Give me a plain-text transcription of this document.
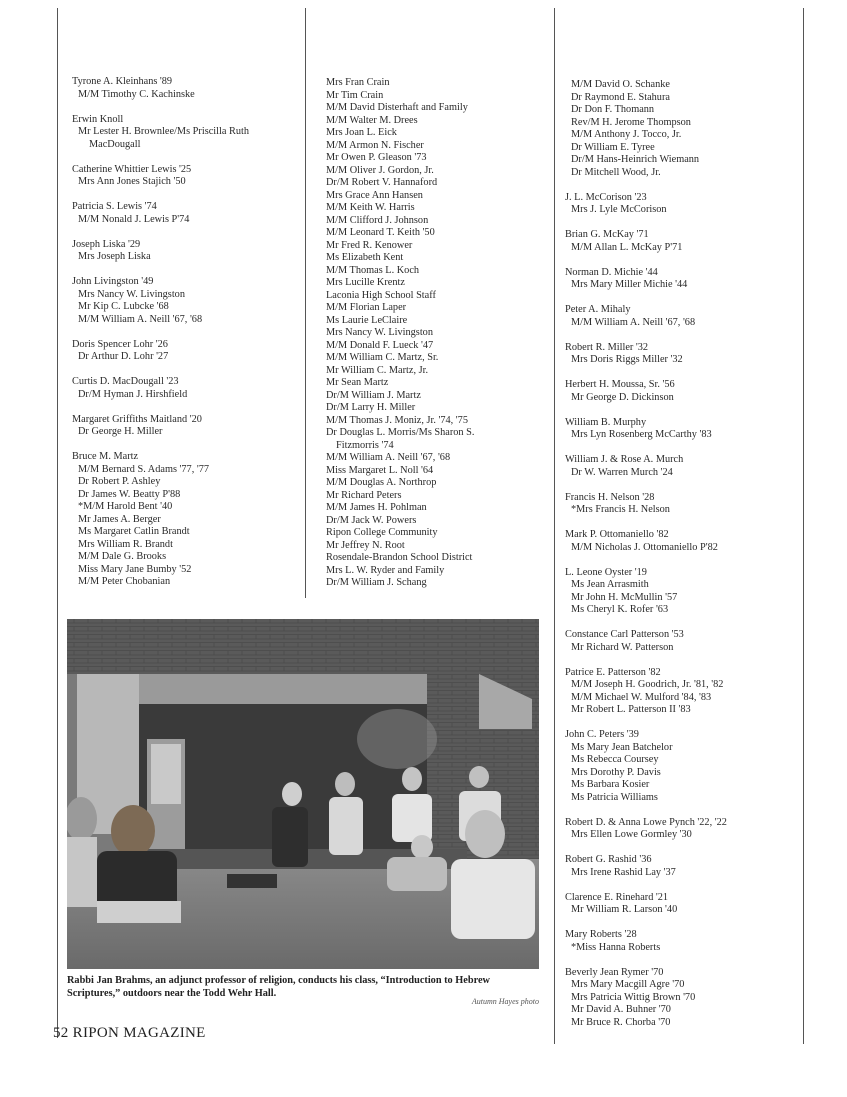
Tyrone A. Kleinhans '89
M/M Timothy C. Kachinske
Erwin Knoll
Mr Lester H. Brownlee/Ms Priscilla Ruth MacDougall
Catherine Whittier Lewis '25
Mrs Ann Jones Stajich '50
Patricia S. Lewis '74
M/M Nonald J. Lewis P'74
Joseph Liska '29
Mrs Joseph Liska
John Livingston '49
Mrs Nancy W. Livingston
Mr Kip C. Lubcke '68
M/M William A. Neill '67, '68
Doris Spencer Lohr '26
Dr Arthur D. Lohr '27
Curtis D. MacDougall '23
Dr/M Hyman J. Hirshfield
Margaret Griffiths Maitland '20
Dr George H. Miller
Bruce M. Martz
M/M Bernard S. Adams '77, '77
Dr Robert P. Ashley
Dr James W. Beatty P'88
*M/M Harold Bent '40
Mr James A. Berger
Ms Margaret Catlin Brandt
Mrs William R. Brandt
M/M Dale G. Brooks
Miss Mary Jane Bumby '52
M/M Peter Chobanian
Mrs Fran Crain
Mr Tim Crain
M/M David Disterhaft and Family
M/M Walter M. Drees
Mrs Joan L. Eick
M/M Armon N. Fischer
Mr Owen P. Gleason '73
M/M Oliver J. Gordon, Jr.
Dr/M Robert V. Hannaford
Mrs Grace Ann Hansen
M/M Keith W. Harris
M/M Clifford J. Johnson
M/M Leonard T. Keith '50
Mr Fred R. Kenower
Ms Elizabeth Kent
M/M Thomas L. Koch
Mrs Lucille Krentz
Laconia High School Staff
M/M Florian Laper
Ms Laurie LeClaire
Mrs Nancy W. Livingston
M/M Donald F. Lueck '47
M/M William C. Martz, Sr.
Mr William C. Martz, Jr.
Mr Sean Martz
Dr/M William J. Martz
Dr/M Larry H. Miller
M/M Thomas J. Moniz, Jr. '74, '75
Dr Douglas L. Morris/Ms Sharon S.
Fitzmorris '74
M/M William A. Neill '67, '68
Miss Margaret L. Noll '64
M/M Douglas A. Northrop
Mr Richard Peters
M/M James H. Pohlman
Dr/M Jack W. Powers
Ripon College Community
Mr Jeffrey N. Root
Rosendale-Brandon School District
Mrs L. W. Ryder and Family
Dr/M William J. Schang
M/M David O. Schanke
Dr Raymond E. Stahura
Dr Don F. Thomann
Rev/M H. Jerome Thompson
M/M Anthony J. Tocco, Jr.
Dr William E. Tyree
Dr/M Hans-Heinrich Wiemann
Dr Mitchell Wood, Jr.
J. L. McCorison '23
Mrs J. Lyle McCorison
Brian G. McKay '71
M/M Allan L. McKay P'71
Norman D. Michie '44
Mrs Mary Miller Michie '44
Peter A. Mihaly
M/M William A. Neill '67, '68
Robert R. Miller '32
Mrs Doris Riggs Miller '32
Herbert H. Moussa, Sr. '56
Mr George D. Dickinson
William B. Murphy
Mrs Lyn Rosenberg McCarthy '83
William J. & Rose A. Murch
Dr W. Warren Murch '24
Francis H. Nelson '28
*Mrs Francis H. Nelson
Mark P. Ottomaniello '82
M/M Nicholas J. Ottomaniello P'82
L. Leone Oyster '19
Ms Jean Arrasmith
Mr John H. McMullin '57
Ms Cheryl K. Rofer '63
Constance Carl Patterson '53
Mr Richard W. Patterson
Patrice E. Patterson '82
M/M Joseph H. Goodrich, Jr. '81, '82
M/M Michael W. Mulford '84, '83
Mr Robert L. Patterson II '83
John C. Peters '39
Ms Mary Jean Batchelor
Ms Rebecca Coursey
Mrs Dorothy P. Davis
Ms Barbara Kosier
Ms Patricia Williams
Robert D. & Anna Lowe Pynch '22, '22
Mrs Ellen Lowe Gormley '30
Robert G. Rashid '36
Mrs Irene Rashid Lay '37
Clarence E. Rinehard '21
Mr William R. Larson '40
Mary Roberts '28
*Miss Hanna Roberts
Beverly Jean Rymer '70
Mrs Mary Macgill Agre '70
Mrs Patricia Wittig Brown '70
Mr David A. Buhner '70
Mr Bruce R. Chorba '70
Rabbi Jan Brahms, an adjunct professor of religion, conducts his class, “Introduction to Hebrew Scriptures,” outdoors near the Todd Wehr Hall.
Autumn Hayes photo
52 RIPON MAGAZINE
